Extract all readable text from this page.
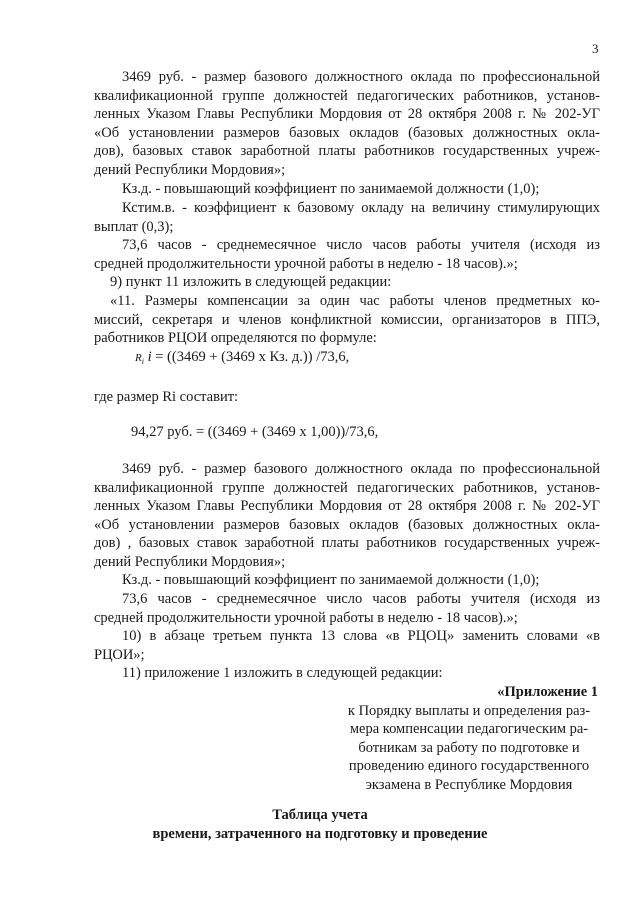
3
3469 руб. - размер базового должностного оклада по профессиональной
квалификационной группе должностей педагогических работников, установ-
ленных Указом Главы Республики Мордовия от 28 октября 2008 г. № 202-УГ
«Об установлении размеров базовых окладов (базовых должностных окла-
дов), базовых ставок заработной платы работников государственных учреж-
дений Республики Мордовия»;
Кз.д. - повышающий коэффициент по занимаемой должности (1,0);
Кстим.в. - коэффициент к базовому окладу на величину стимулирующих
выплат (0,3);
73,6 часов - среднемесячное число часов работы учителя (исходя из
средней продолжительности урочной работы в неделю - 18 часов).»;
9) пункт 11 изложить в следующей редакции:
«11. Размеры компенсации за один час работы членов предметных ко-
миссий, секретаря и членов конфликтной комиссии, организаторов в ППЭ,
работников РЦОИ определяются по формуле:
$R_i$ i = ((3469 + (3469 х Кз. д.)) /73,6,
где размер Ri составит:
94,27 руб. = ((3469 + (3469 х 1,00))/73,6,
3469 руб. - размер базового должностного оклада по профессиональной
квалификационной группе должностей педагогических работников, установ-
ленных Указом Главы Республики Мордовия от 28 октября 2008 г. № 202-УГ
«Об установлении размеров базовых окладов (базовых должностных окла-
дов) , базовых ставок заработной платы работников государственных учреж-
дений Республики Мордовия»;
Кз.д. - повышающий коэффициент по занимаемой должности (1,0);
73,6 часов - среднемесячное число часов работы учителя (исходя из
средней продолжительности урочной работы в неделю - 18 часов).»;
10) в абзаце третьем пункта 13 слова «в РЦОЦ» заменить словами «в
РЦОИ»;
11) приложение 1 изложить в следующей редакции:
«Приложение 1
к Порядку выплаты и определения раз-
мера компенсации педагогическим ра-
ботникам за работу по подготовке и
проведению единого государственного
экзамена в Республике Мордовия
Таблица учета
времени, затраченного на подготовку и проведение
